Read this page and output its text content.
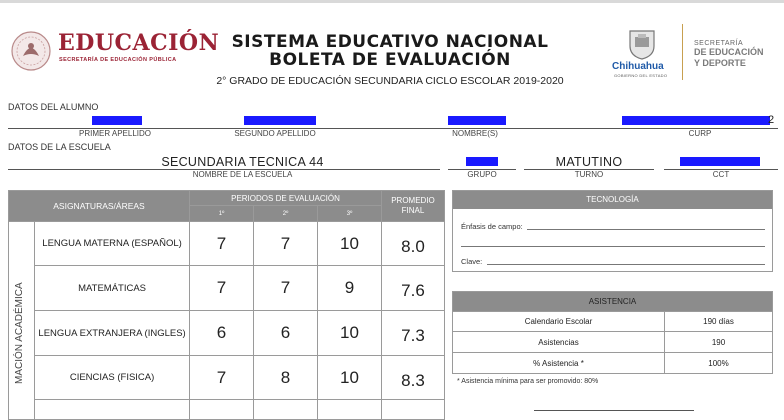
EDUCACIÓN
SECRETARÍA DE EDUCACIÓN PÚBLICA
SISTEMA EDUCATIVO NACIONAL
BOLETA DE EVALUACIÓN
2° GRADO DE EDUCACIÓN SECUNDARIA CICLO ESCOLAR 2019-2020
Chihuahua
GOBIERNO DEL ESTADO
SECRETARÍA
DE EDUCACIÓN
Y DEPORTE
DATOS DEL ALUMNO
2
PRIMER APELLIDO	SEGUNDO APELLIDO	NOMBRE(S)	CURP
DATOS DE LA ESCUELA
SECUNDARIA TECNICA 44
NOMBRE DE LA ESCUELA	GRUPO
MATUTINO
TURNO	CCT
ASIGNATURAS/ÁREAS		PERIODOS DE EVALUACIÓN			PROMEDIO
FINAL

		1º	2º	3º	
	LENGUA MATERNA (ESPAÑOL)	7	7	10	8.0
	MATEMÁTICAS	7	7	9	7.6
	LENGUA EXTRANJERA (INGLES)	6	6	10	7.3
	CIENCIAS (FISICA)	7	8	10	8.3

MACIÓN ACADÉMICA
TECNOLOGÍA
Énfasis de campo:
Clave:
ASISTENCIA	
Calendario Escolar	190 días
Asistencias	190
% Asistencia *	100%
* Asistencia mínima para ser promovido: 80%
